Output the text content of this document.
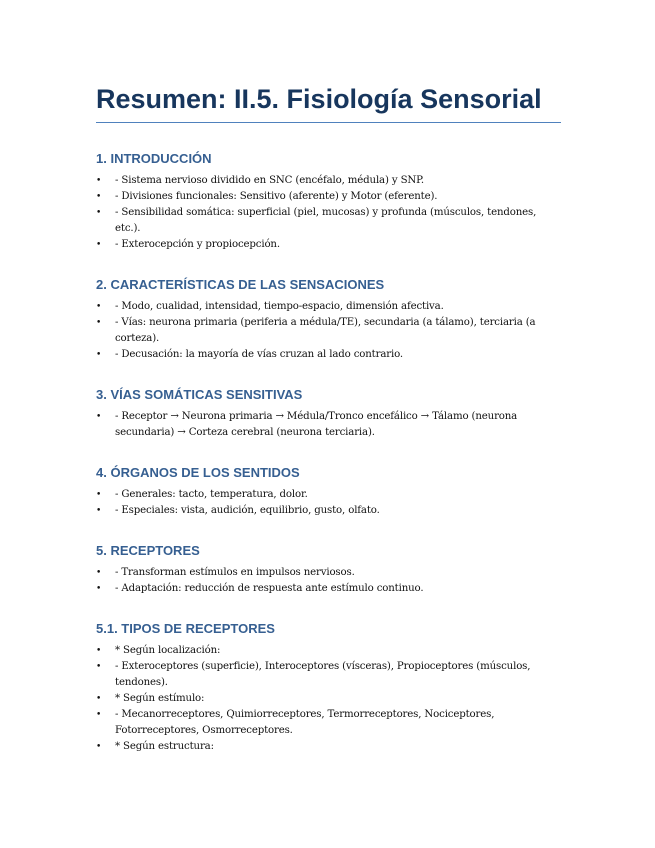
Resumen: II.5. Fisiología Sensorial
1. INTRODUCCIÓN
• - Sistema nervioso dividido en SNC (encéfalo, médula) y SNP.
• - Divisiones funcionales: Sensitivo (aferente) y Motor (eferente).
• - Sensibilidad somática: superficial (piel, mucosas) y profunda (músculos, tendones, etc.).
• - Exterocepción y propiocepción.
2. CARACTERÍSTICAS DE LAS SENSACIONES
• - Modo, cualidad, intensidad, tiempo-espacio, dimensión afectiva.
• - Vías: neurona primaria (periferia a médula/TE), secundaria (a tálamo), terciaria (a corteza).
• - Decusación: la mayoría de vías cruzan al lado contrario.
3. VÍAS SOMÁTICAS SENSITIVAS
• - Receptor → Neurona primaria → Médula/Tronco encefálico → Tálamo (neurona secundaria) → Corteza cerebral (neurona terciaria).
4. ÓRGANOS DE LOS SENTIDOS
• - Generales: tacto, temperatura, dolor.
• - Especiales: vista, audición, equilibrio, gusto, olfato.
5. RECEPTORES
• - Transforman estímulos en impulsos nerviosos.
• - Adaptación: reducción de respuesta ante estímulo continuo.
5.1. TIPOS DE RECEPTORES
• * Según localización:
• - Exteroceptores (superficie), Interoceptores (vísceras), Propioceptores (músculos, tendones).
• * Según estímulo:
• - Mecanorreceptores, Quimiorreceptores, Termorreceptores, Nociceptores, Fotorreceptores, Osmorreceptores.
• * Según estructura:
